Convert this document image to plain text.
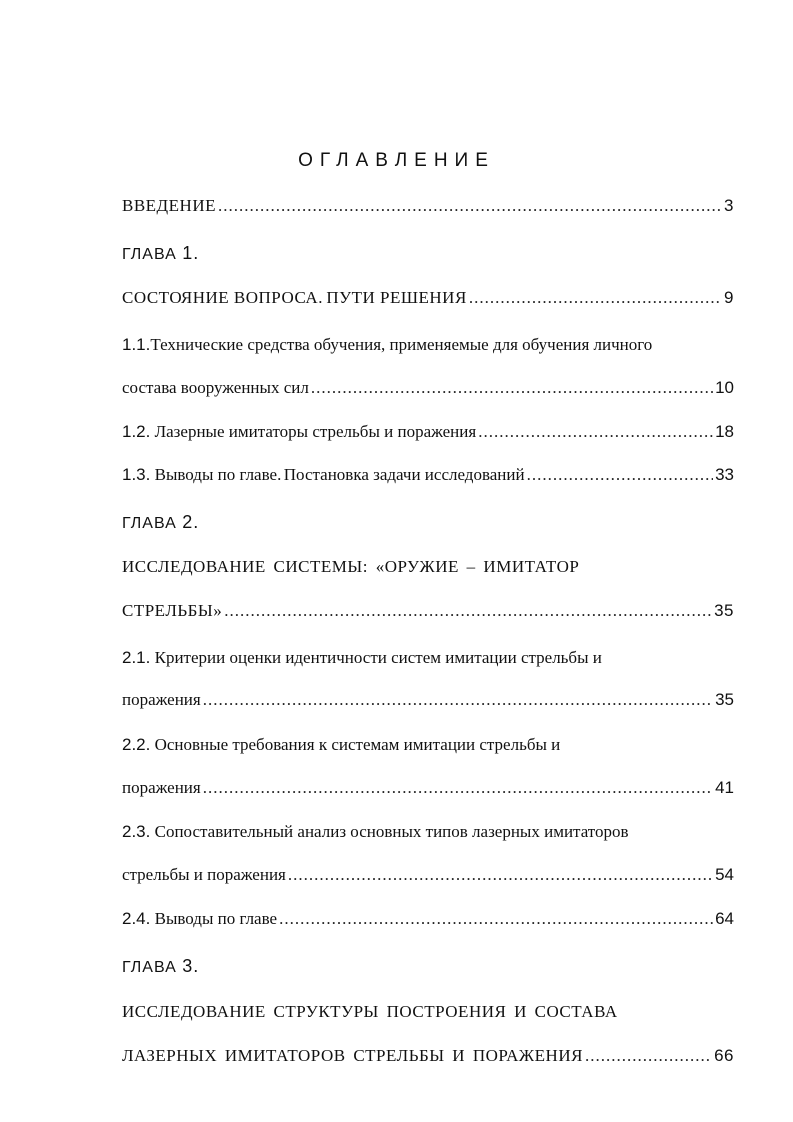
ОГЛАВЛЕНИЕ
ВВЕДЕНИЕ .....	3
ГЛАВА 1.
СОСТОЯНИЕ ВОПРОСА. ПУТИ РЕШЕНИЯ .....	9
1.1.Технические средства обучения, применяемые для обучения личного
состава вооруженных сил .....	10
1.2. Лазерные имитаторы стрельбы и поражения .....	18
1.3. Выводы по главе. Постановка задачи исследований .....	33
ГЛАВА 2.
ИССЛЕДОВАНИЕ СИСТЕМЫ: «ОРУЖИЕ – ИМИТАТОР
СТРЕЛЬБЫ» .....	35
2.1. Критерии оценки идентичности систем имитации стрельбы и
поражения .....	35
2.2. Основные требования к системам имитации стрельбы и
поражения .....	41
2.3. Сопоставительный анализ основных типов лазерных имитаторов
стрельбы и поражения .....	54
2.4. Выводы по главе .....	64
ГЛАВА 3.
ИССЛЕДОВАНИЕ СТРУКТУРЫ ПОСТРОЕНИЯ И СОСТАВА
ЛАЗЕРНЫХ ИМИТАТОРОВ СТРЕЛЬБЫ И ПОРАЖЕНИЯ .....	66
